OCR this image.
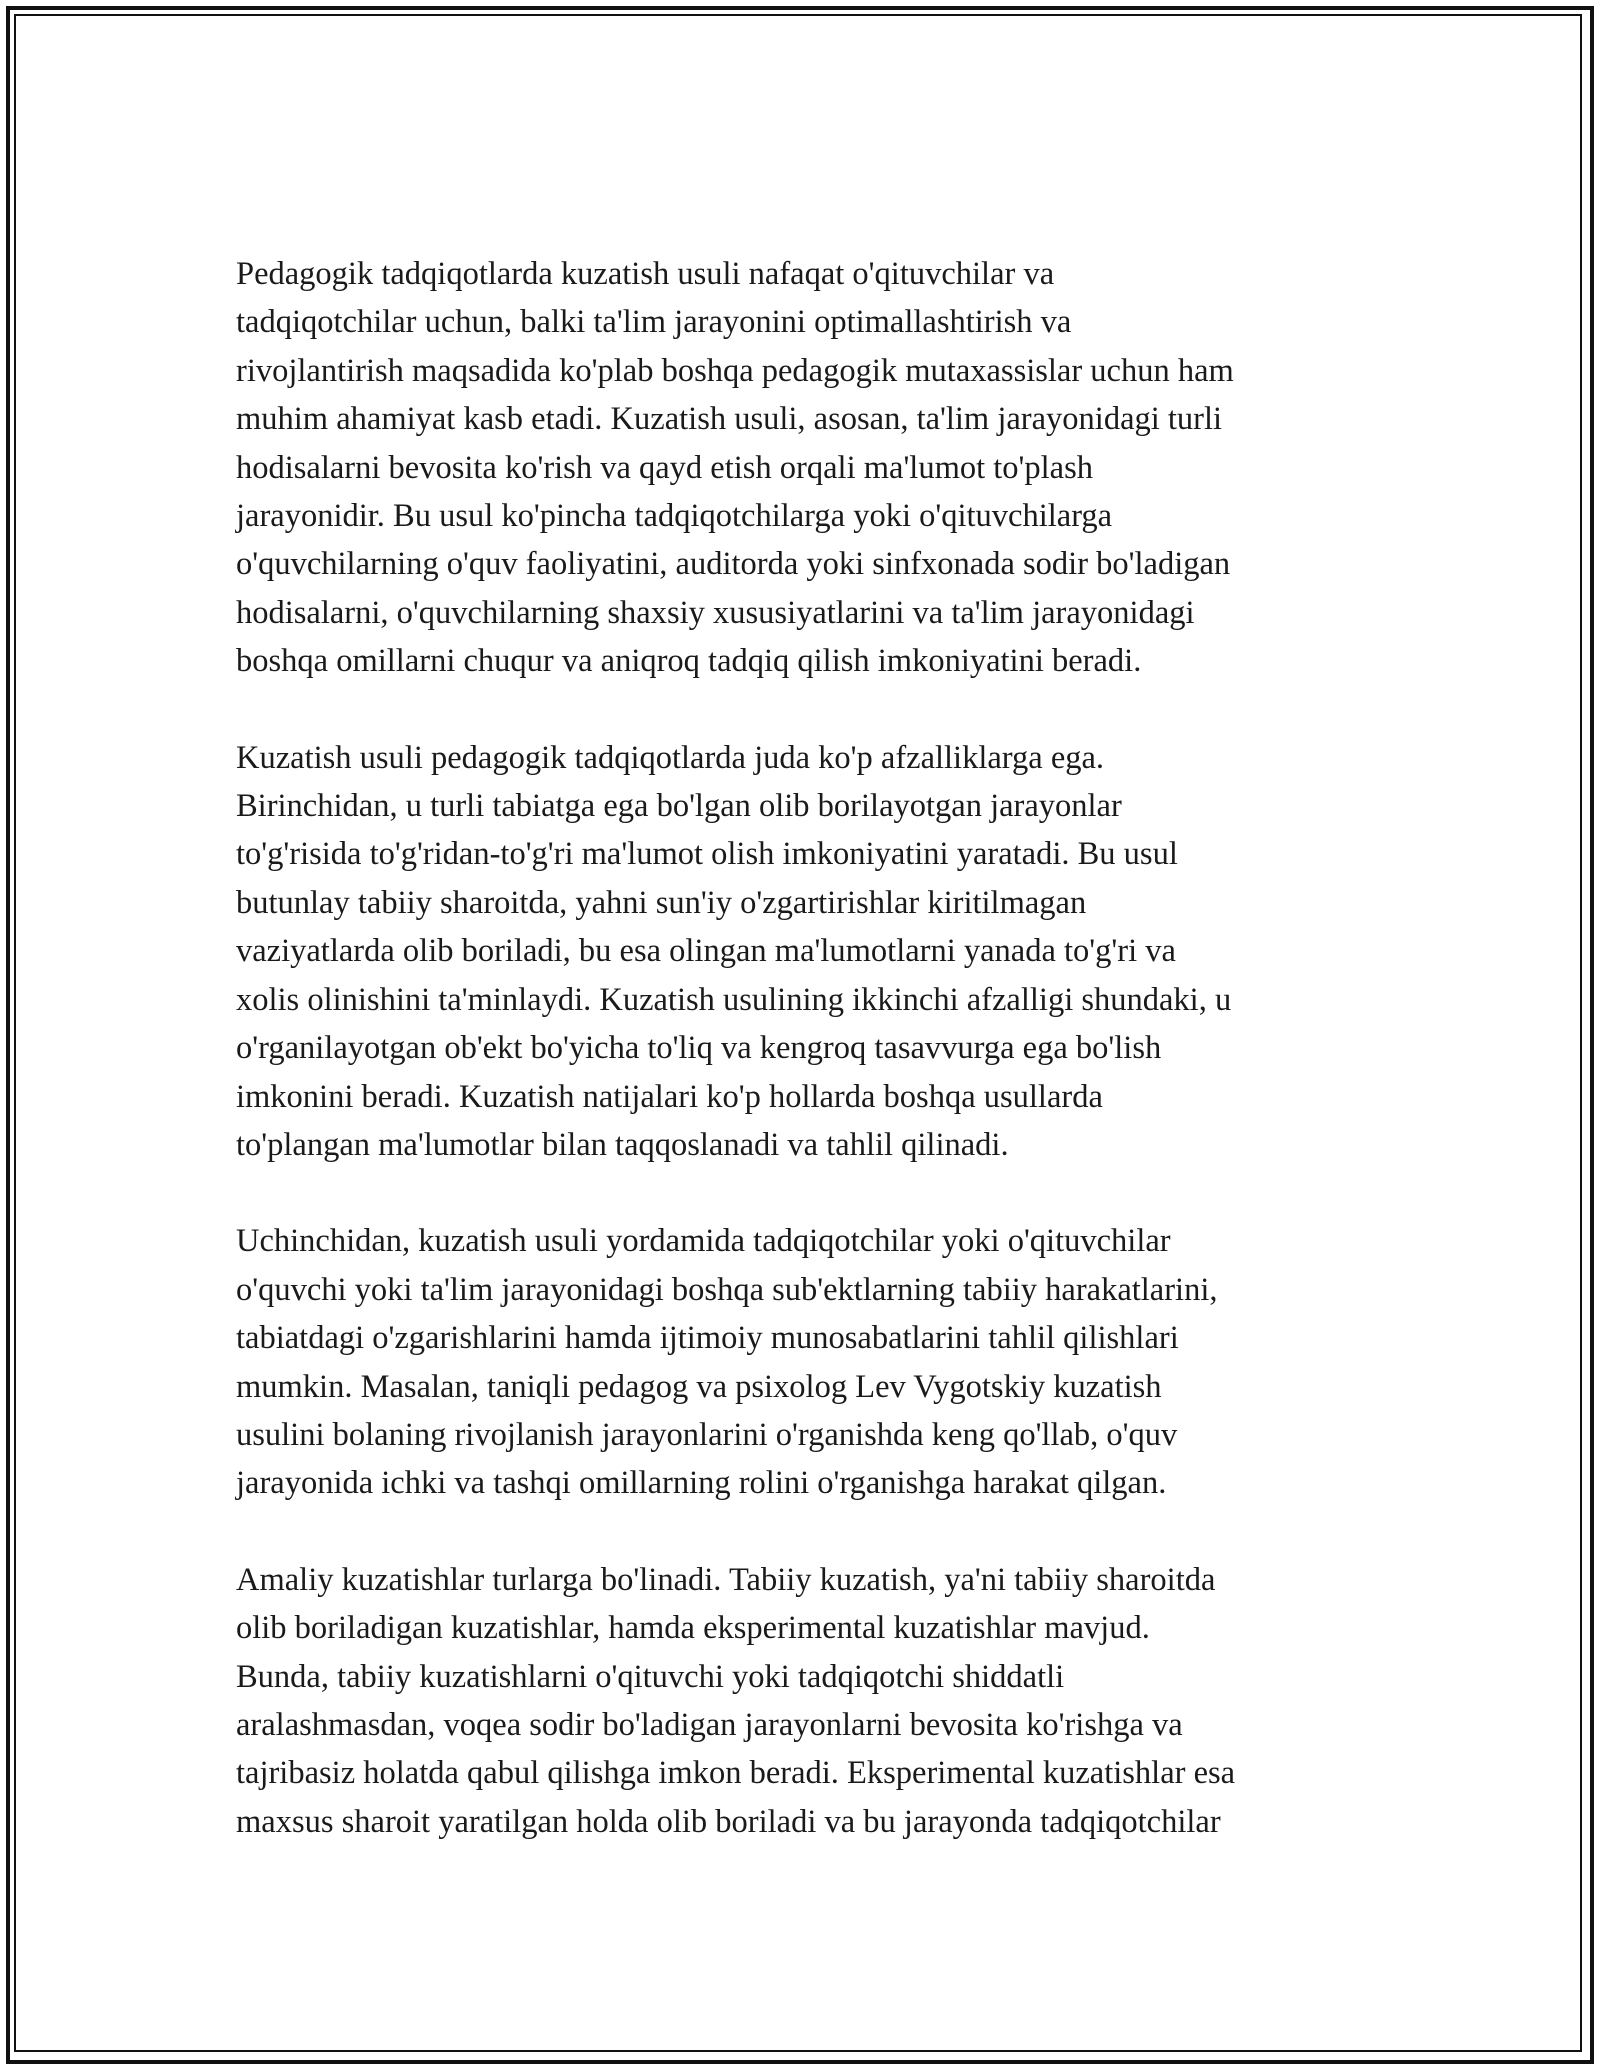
Pedagogik tadqiqotlarda kuzatish usuli nafaqat o'qituvchilar va
tadqiqotchilar uchun, balki ta'lim jarayonini optimallashtirish va
rivojlantirish maqsadida ko'plab boshqa pedagogik mutaxassislar uchun ham
muhim ahamiyat kasb etadi. Kuzatish usuli, asosan, ta'lim jarayonidagi turli
hodisalarni bevosita ko'rish va qayd etish orqali ma'lumot to'plash
jarayonidir. Bu usul ko'pincha tadqiqotchilarga yoki o'qituvchilarga
o'quvchilarning o'quv faoliyatini, auditorda yoki sinfxonada sodir bo'ladigan
hodisalarni, o'quvchilarning shaxsiy xususiyatlarini va ta'lim jarayonidagi
boshqa omillarni chuqur va aniqroq tadqiq qilish imkoniyatini beradi.

Kuzatish usuli pedagogik tadqiqotlarda juda ko'p afzalliklarga ega.
Birinchidan, u turli tabiatga ega bo'lgan olib borilayotgan jarayonlar
to'g'risida to'g'ridan-to'g'ri ma'lumot olish imkoniyatini yaratadi. Bu usul
butunlay tabiiy sharoitda, yahni sun'iy o'zgartirishlar kiritilmagan
vaziyatlarda olib boriladi, bu esa olingan ma'lumotlarni yanada to'g'ri va
xolis olinishini ta'minlaydi. Kuzatish usulining ikkinchi afzalligi shundaki, u
o'rganilayotgan ob'ekt bo'yicha to'liq va kengroq tasavvurga ega bo'lish
imkonini beradi. Kuzatish natijalari ko'p hollarda boshqa usullarda
to'plangan ma'lumotlar bilan taqqoslanadi va tahlil qilinadi.

Uchinchidan, kuzatish usuli yordamida tadqiqotchilar yoki o'qituvchilar
o'quvchi yoki ta'lim jarayonidagi boshqa sub'ektlarning tabiiy harakatlarini,
tabiatdagi o'zgarishlarini hamda ijtimoiy munosabatlarini tahlil qilishlari
mumkin. Masalan, taniqli pedagog va psixolog Lev Vygotskiy kuzatish
usulini bolaning rivojlanish jarayonlarini o'rganishda keng qo'llab, o'quv
jarayonida ichki va tashqi omillarning rolini o'rganishga harakat qilgan.

Amaliy kuzatishlar turlarga bo'linadi. Tabiiy kuzatish, ya'ni tabiiy sharoitda
olib boriladigan kuzatishlar, hamda eksperimental kuzatishlar mavjud.
Bunda, tabiiy kuzatishlarni o'qituvchi yoki tadqiqotchi shiddatli
aralashmasdan, voqea sodir bo'ladigan jarayonlarni bevosita ko'rishga va
tajribasiz holatda qabul qilishga imkon beradi. Eksperimental kuzatishlar esa
maxsus sharoit yaratilgan holda olib boriladi va bu jarayonda tadqiqotchilar
